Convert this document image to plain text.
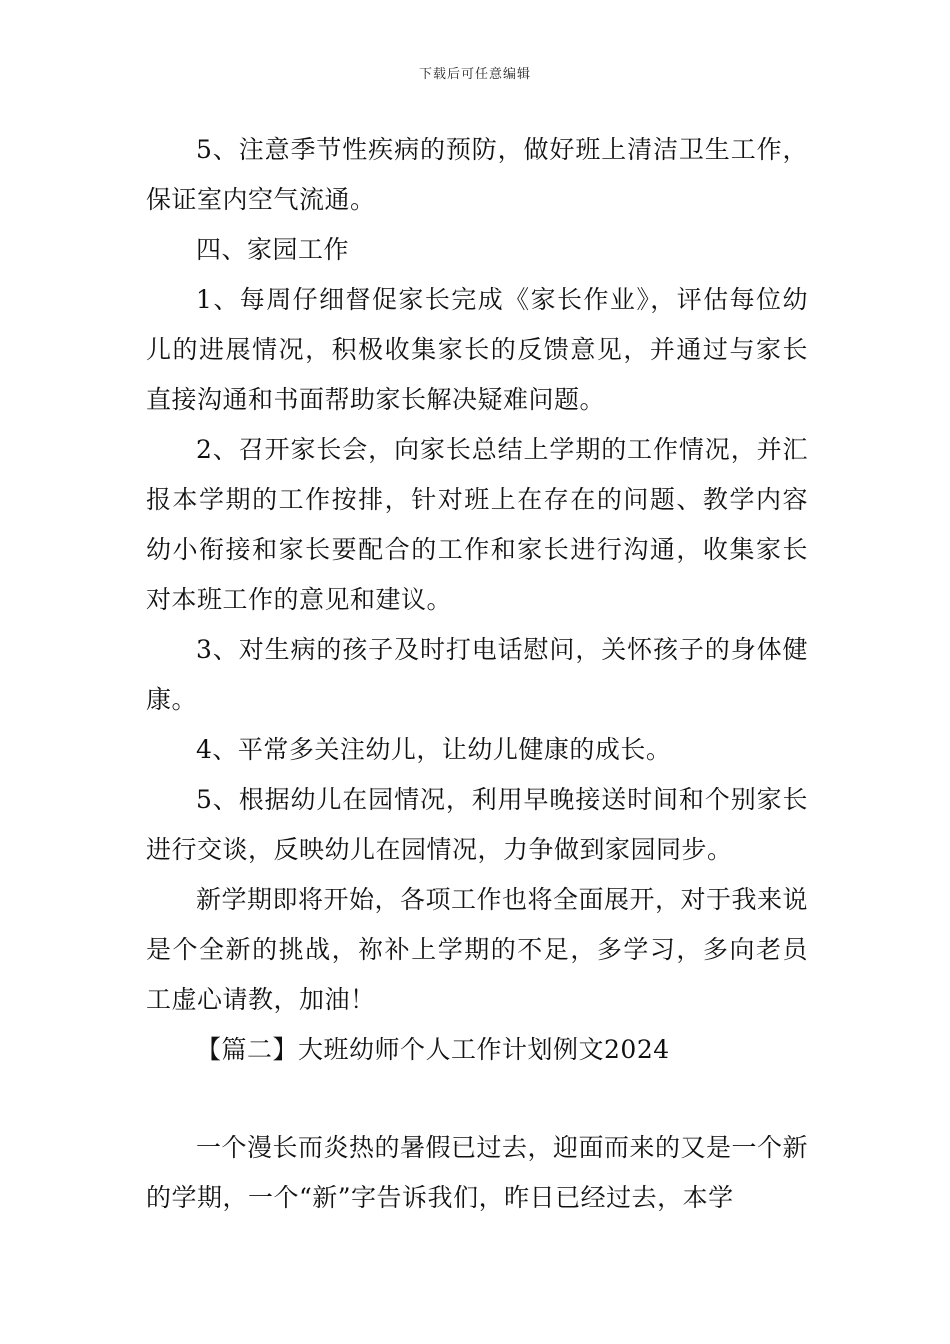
下载后可任意编辑

5、注意季节性疾病的预防，做好班上清洁卫生工作，保证室内空气流通。

四、家园工作

1、每周仔细督促家长完成《家长作业》，评估每位幼儿的进展情况，积极收集家长的反馈意见，并通过与家长直接沟通和书面帮助家长解决疑难问题。

2、召开家长会，向家长总结上学期的工作情况，并汇报本学期的工作按排，针对班上在存在的问题、教学内容幼小衔接和家长要配合的工作和家长进行沟通，收集家长对本班工作的意见和建议。

3、对生病的孩子及时打电话慰问，关怀孩子的身体健康。

4、平常多关注幼儿，让幼儿健康的成长。

5、根据幼儿在园情况，利用早晚接送时间和个别家长进行交谈，反映幼儿在园情况，力争做到家园同步。

新学期即将开始，各项工作也将全面展开，对于我来说是个全新的挑战，祢补上学期的不足，多学习，多向老员工虚心请教，加油！

【篇二】大班幼师个人工作计划例文2024

一个漫长而炎热的暑假已过去，迎面而来的又是一个新的学期，一个“新”字告诉我们，昨日已经过去，本学
